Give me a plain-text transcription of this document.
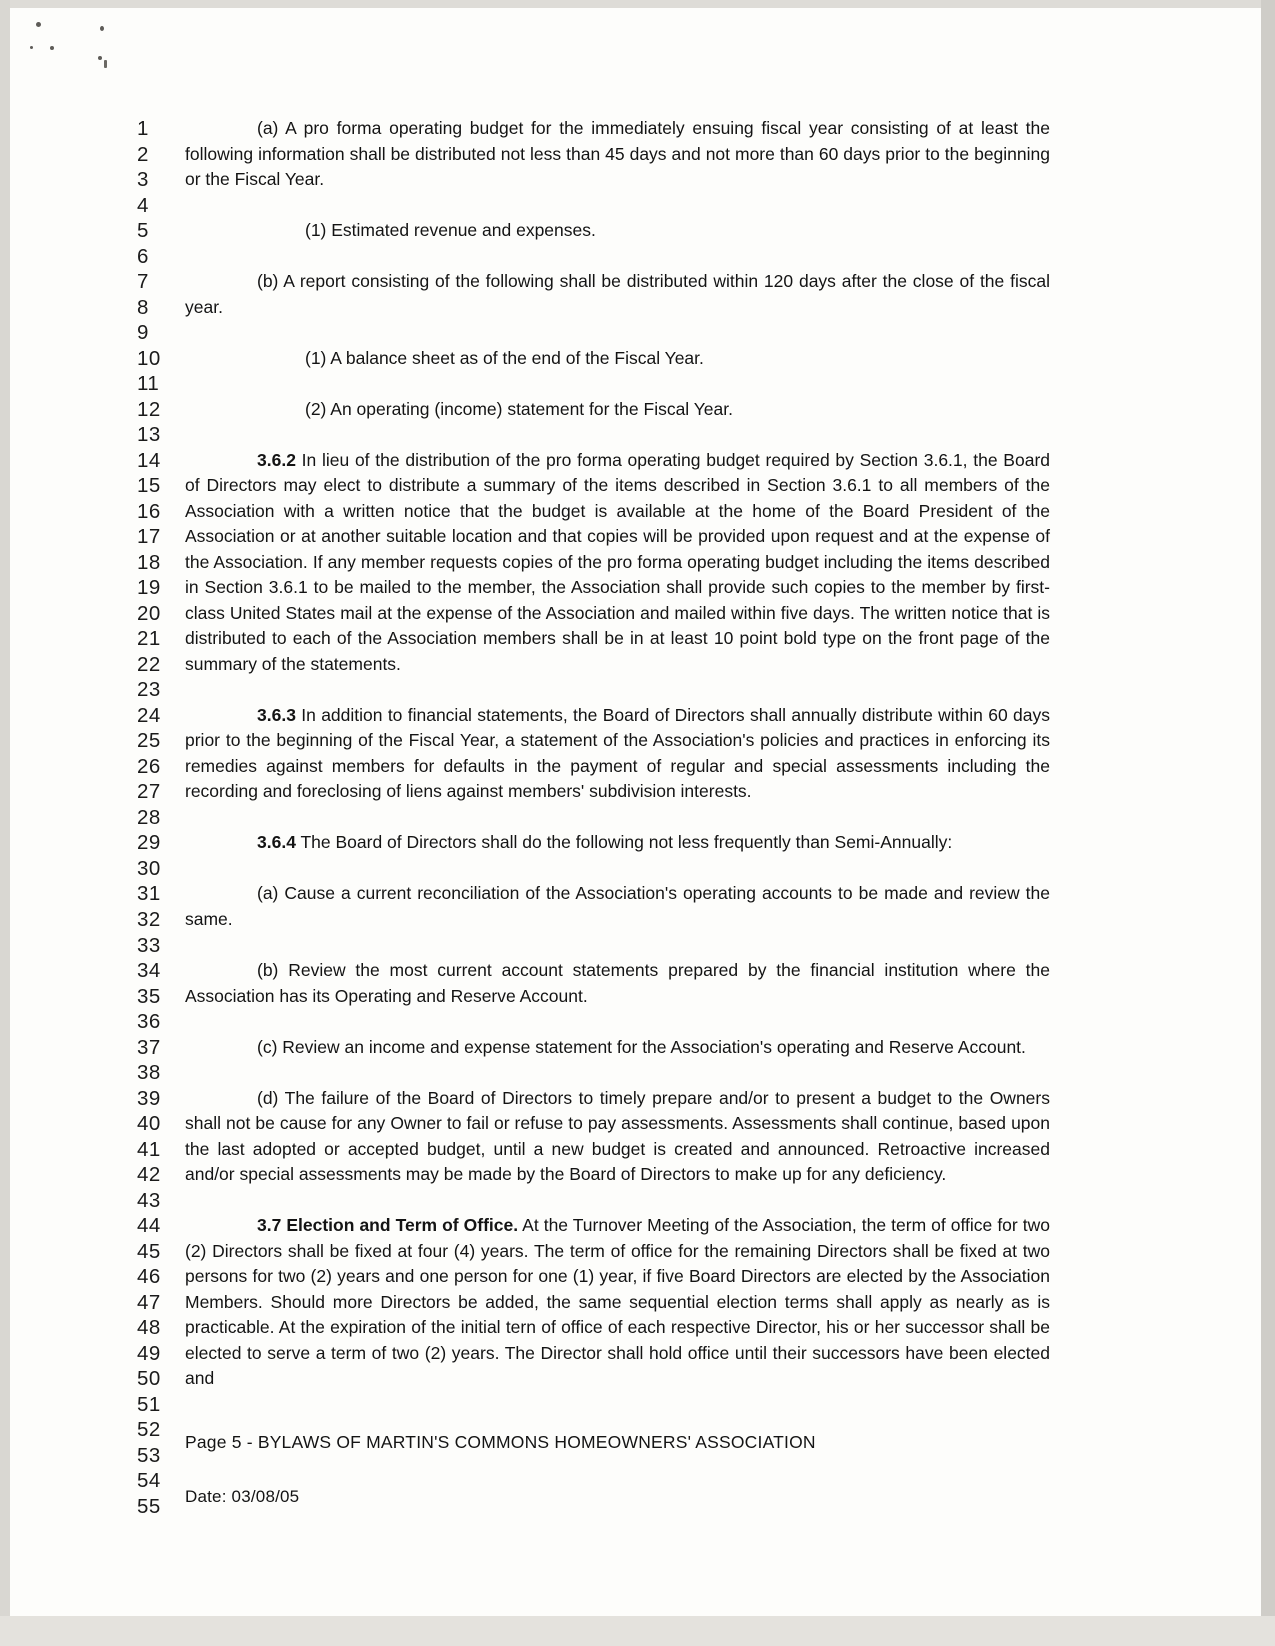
1
2
3
4
5
6
7
8
9
10
11
12
13
14
15
16
17
18
19
20
21
22
23
24
25
26
27
28
29
30
31
32
33
34
35
36
37
38
39
40
41
42
43
44
45
46
47
48
49
50
51
52
53
54
55

(a) A pro forma operating budget for the immediately ensuing fiscal year consisting of at least the following information shall be distributed not less than 45 days and not more than 60 days prior to the beginning or the Fiscal Year.

(1) Estimated revenue and expenses.

(b) A report consisting of the following shall be distributed within 120 days after the close of the fiscal year.

(1) A balance sheet as of the end of the Fiscal Year.

(2) An operating (income) statement for the Fiscal Year.

3.6.2 In lieu of the distribution of the pro forma operating budget required by Section 3.6.1, the Board of Directors may elect to distribute a summary of the items described in Section 3.6.1 to all members of the Association with a written notice that the budget is available at the home of the Board President of the Association or at another suitable location and that copies will be provided upon request and at the expense of the Association. If any member requests copies of the pro forma operating budget including the items described in Section 3.6.1 to be mailed to the member, the Association shall provide such copies to the member by first-class United States mail at the expense of the Association and mailed within five days. The written notice that is distributed to each of the Association members shall be in at least 10 point bold type on the front page of the summary of the statements.

3.6.3 In addition to financial statements, the Board of Directors shall annually distribute within 60 days prior to the beginning of the Fiscal Year, a statement of the Association's policies and practices in enforcing its remedies against members for defaults in the payment of regular and special assessments including the recording and foreclosing of liens against members' subdivision interests.

3.6.4 The Board of Directors shall do the following not less frequently than Semi-Annually:

(a) Cause a current reconciliation of the Association's operating accounts to be made and review the same.

(b) Review the most current account statements prepared by the financial institution where the Association has its Operating and Reserve Account.

(c) Review an income and expense statement for the Association's operating and Reserve Account.

(d) The failure of the Board of Directors to timely prepare and/or to present a budget to the Owners shall not be cause for any Owner to fail or refuse to pay assessments. Assessments shall continue, based upon the last adopted or accepted budget, until a new budget is created and announced. Retroactive increased and/or special assessments may be made by the Board of Directors to make up for any deficiency.

3.7 Election and Term of Office. At the Turnover Meeting of the Association, the term of office for two (2) Directors shall be fixed at four (4) years. The term of office for the remaining Directors shall be fixed at two persons for two (2) years and one person for one (1) year, if five Board Directors are elected by the Association Members. Should more Directors be added, the same sequential election terms shall apply as nearly as is practicable. At the expiration of the initial tern of office of each respective Director, his or her successor shall be elected to serve a term of two (2) years. The Director shall hold office until their successors have been elected and

Page 5 - BYLAWS OF MARTIN'S COMMONS HOMEOWNERS' ASSOCIATION
Date: 03/08/05
